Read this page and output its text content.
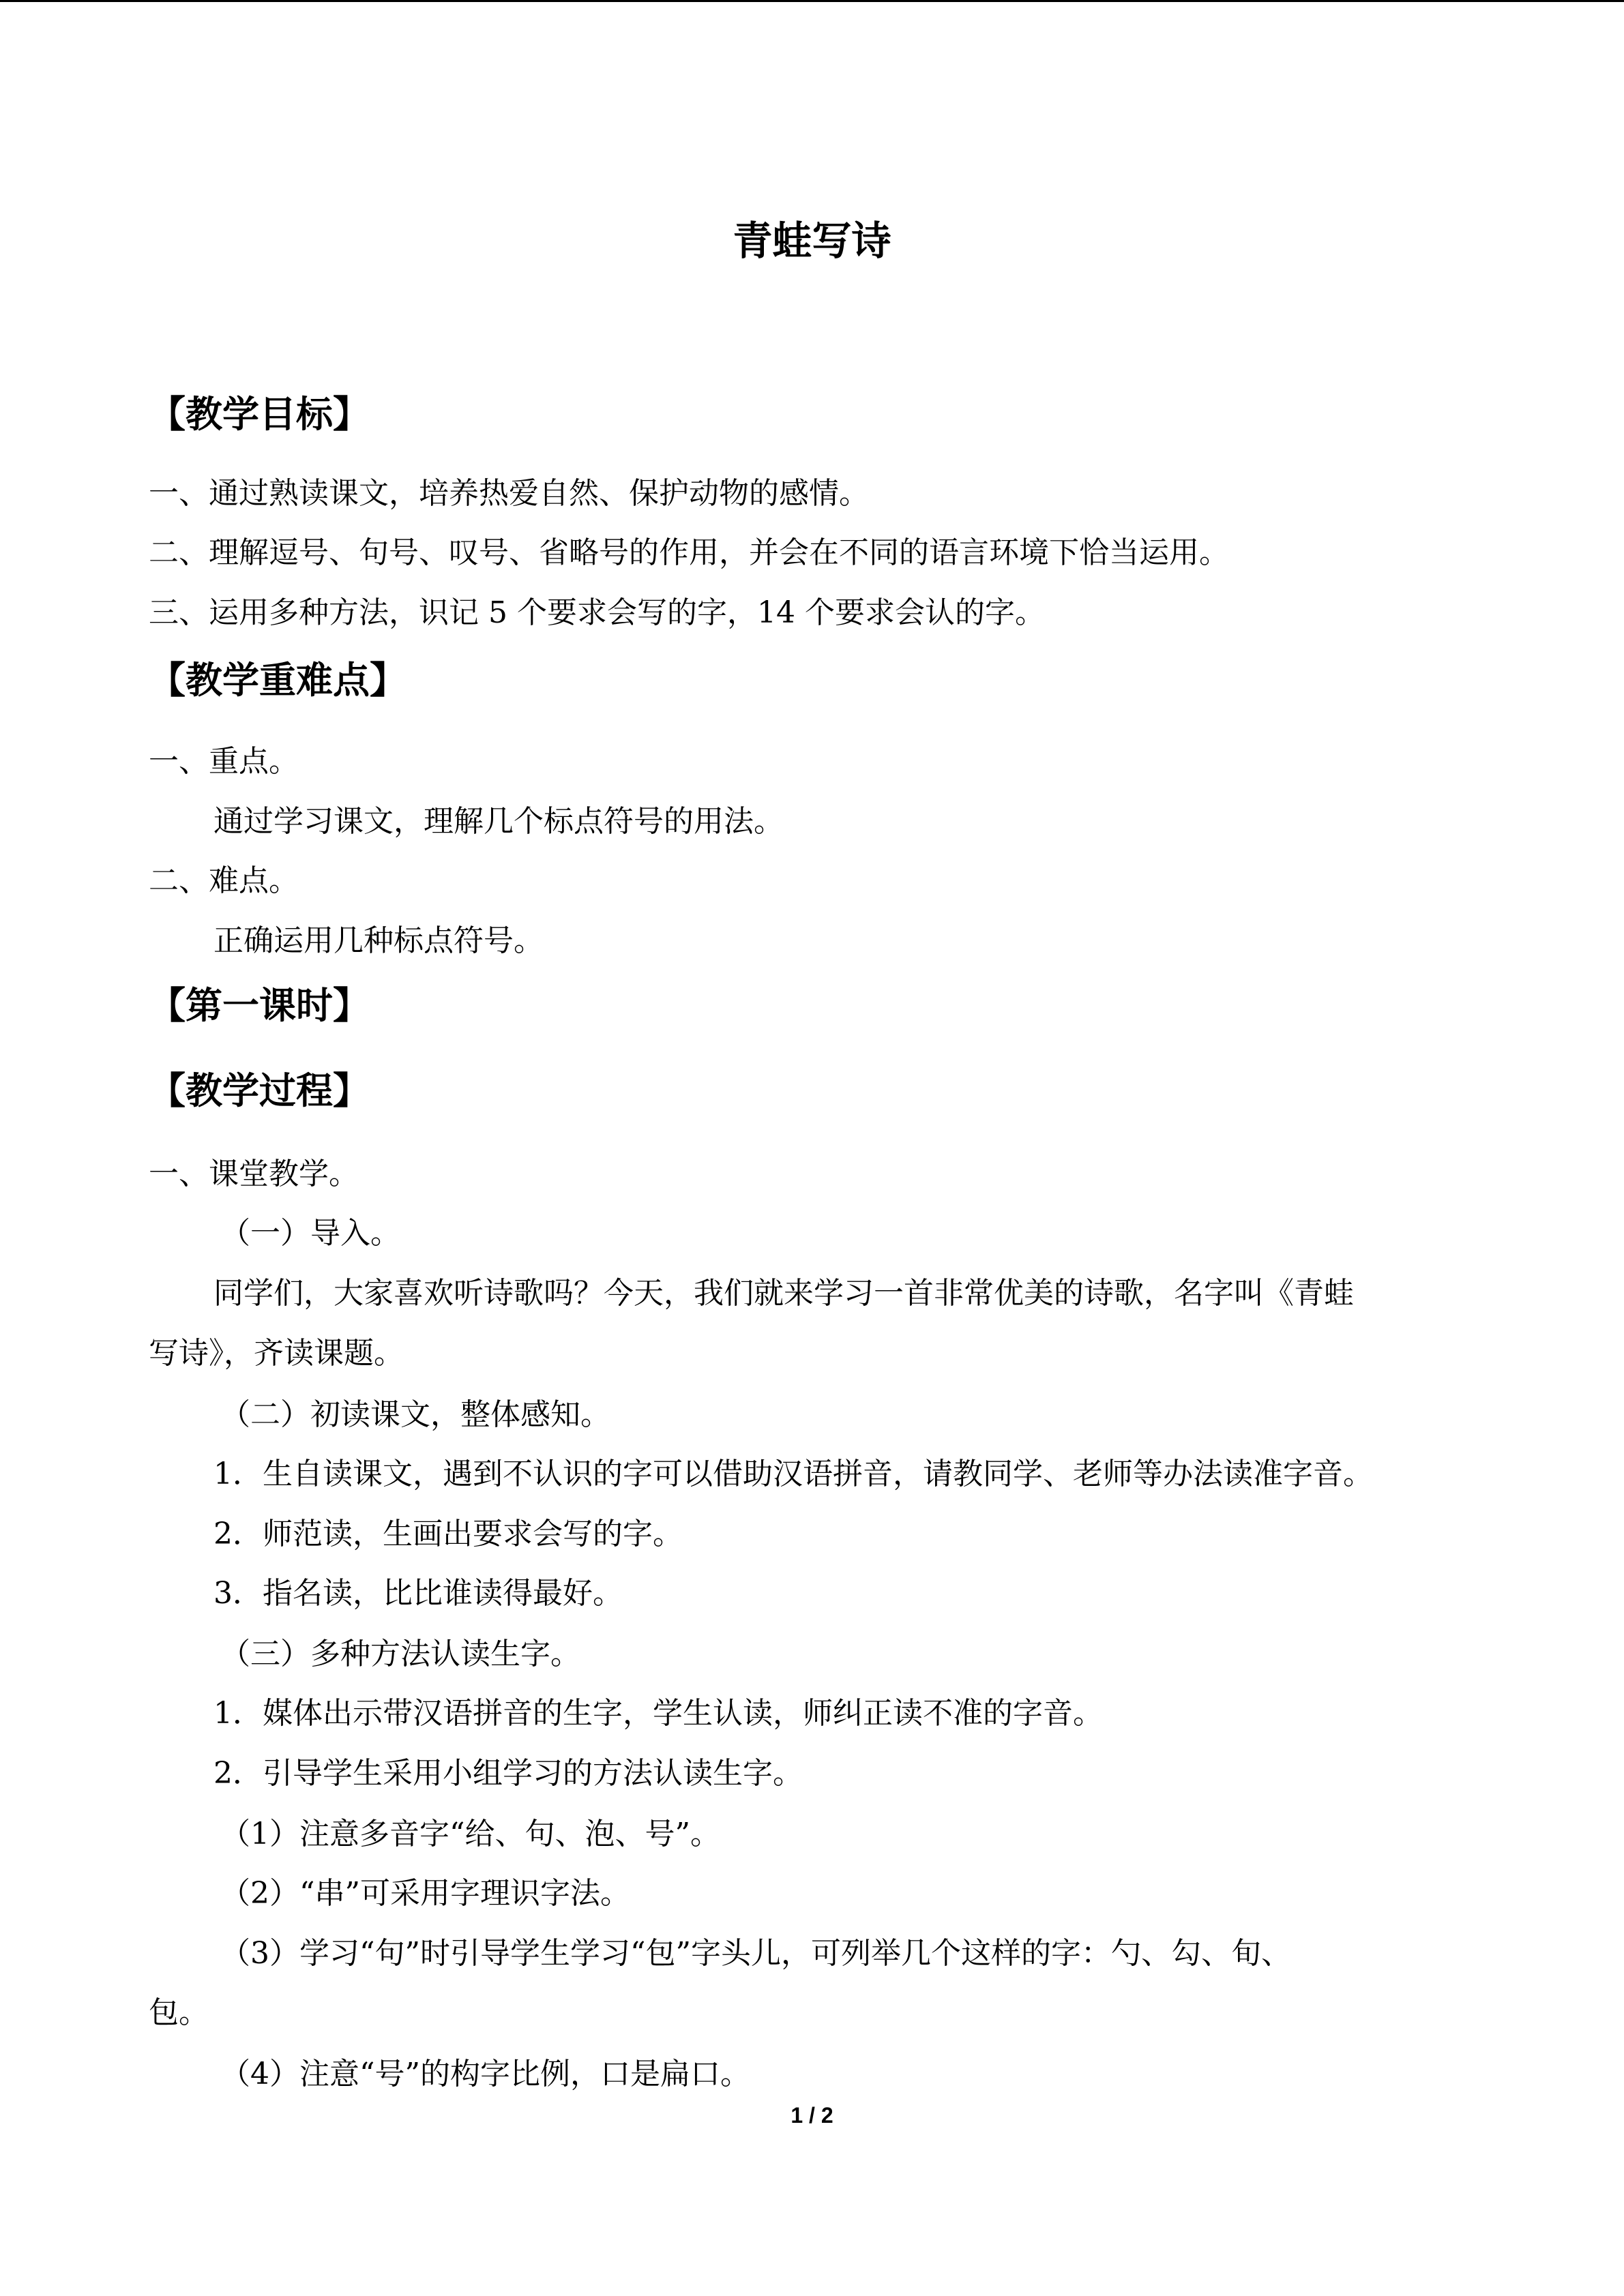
青蛙写诗
【教学目标】
一、通过熟读课文，培养热爱自然、保护动物的感情。
二、理解逗号、句号、叹号、省略号的作用，并会在不同的语言环境下恰当运用。
三、运用多种方法，识记 5 个要求会写的字，14 个要求会认的字。
【教学重难点】
一、重点。
通过学习课文，理解几个标点符号的用法。
二、难点。
正确运用几种标点符号。
【第一课时】
【教学过程】
一、课堂教学。
（一）导入。
同学们，大家喜欢听诗歌吗？今天，我们就来学习一首非常优美的诗歌，名字叫《青蛙
写诗》，齐读课题。
（二）初读课文，整体感知。
1．生自读课文，遇到不认识的字可以借助汉语拼音，请教同学、老师等办法读准字音。
2．师范读，生画出要求会写的字。
3．指名读，比比谁读得最好。
（三）多种方法认读生字。
1．媒体出示带汉语拼音的生字，学生认读，师纠正读不准的字音。
2．引导学生采用小组学习的方法认读生字。
（1）注意多音字“给、句、泡、号”。
（2）“串”可采用字理识字法。
（3）学习“句”时引导学生学习“包”字头儿，可列举几个这样的字：勺、勾、旬、
包。
（4）注意“号”的构字比例，口是扁口。
1 / 2
